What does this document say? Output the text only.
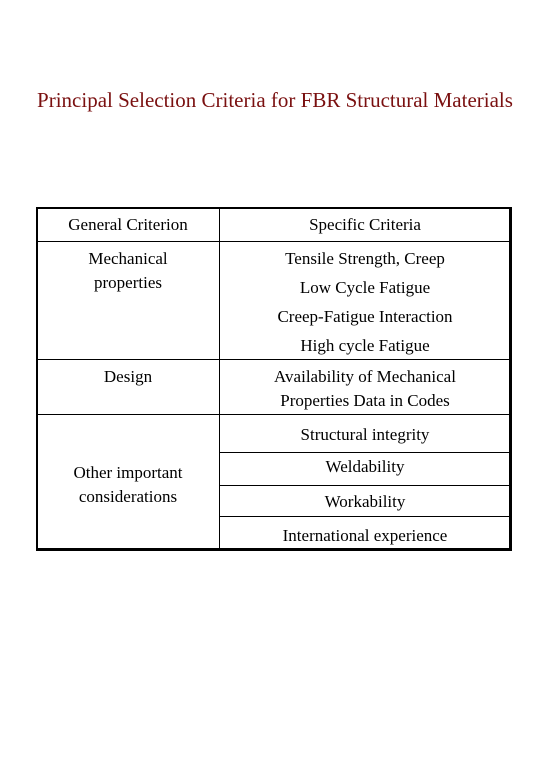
Principal Selection Criteria for FBR Structural Materials
General Criterion	Specific Criteria
Mechanical properties
Tensile Strength, Creep
Low Cycle Fatigue
Creep-Fatigue Interaction
High cycle Fatigue
Design	Availability of Mechanical Properties Data in Codes
Other important considerations
Structural integrity
Weldability
Workability
International experience
